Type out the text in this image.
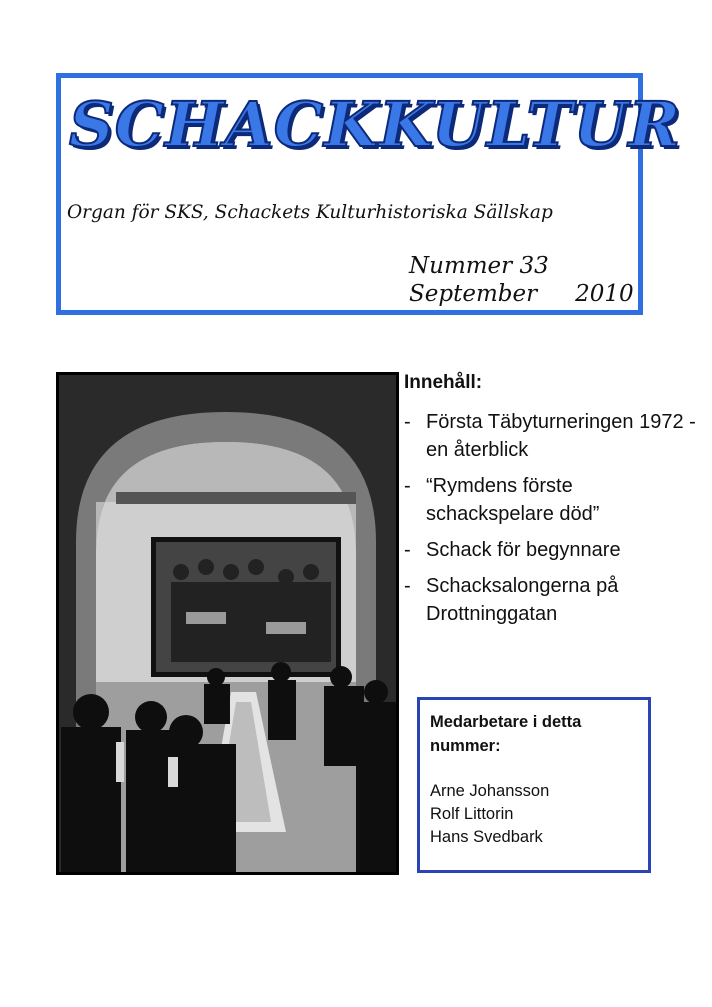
SCHACKKULTUR
Organ för SKS, Schackets Kulturhistoriska Sällskap
Nummer 33
September 2010
Innehåll:
- Första Täbyturneringen 1972 - en återblick
- “Rymdens förste schackspelare död”
- Schack för begynnare
- Schacksalongerna på Drottninggatan
Medarbetare i detta nummer:
Arne Johansson
Rolf Littorin
Hans Svedbark
